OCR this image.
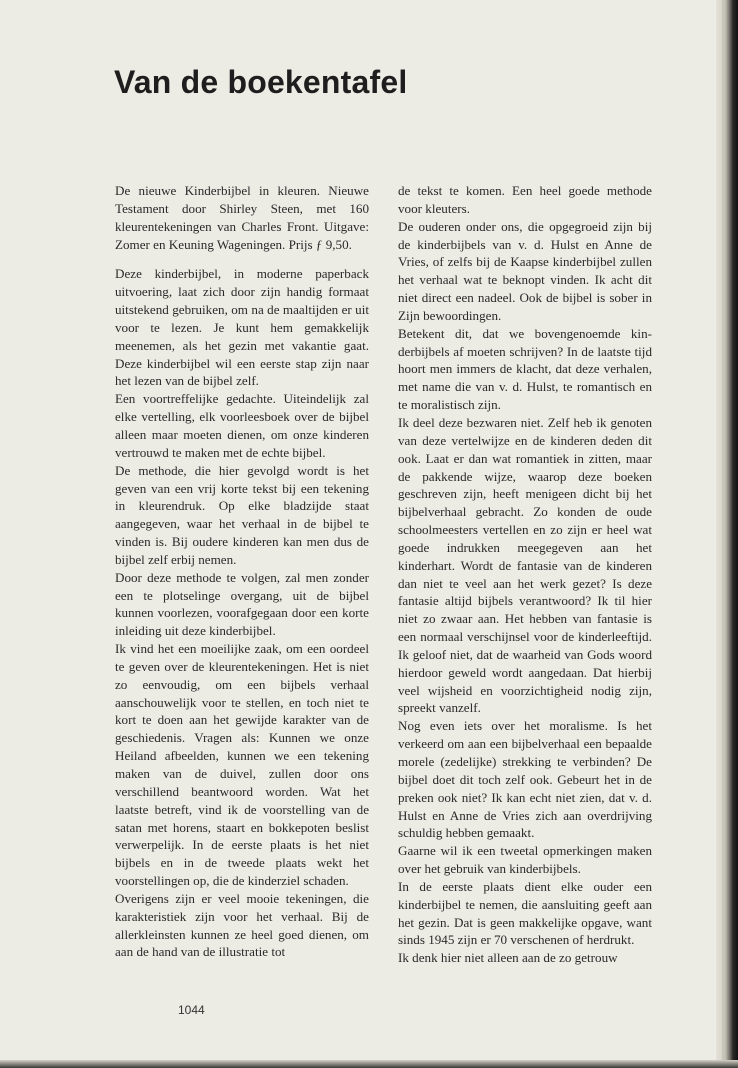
Van de boekentafel

De nieuwe Kinderbijbel in kleuren. Nieuwe Testament door Shirley Steen, met 160 kleurentekeningen van Charles Front. Uitgave: Zomer en Keuning Wageningen. Prijs ƒ 9,50.

Deze kinderbijbel, in moderne paperback uitvoering, laat zich door zijn handig formaat uitstekend gebruiken, om na de maaltijden er uit voor te lezen. Je kunt hem gemakkelijk meenemen, als het gezin met vakantie gaat. Deze kinderbijbel wil een eerste stap zijn naar het lezen van de bijbel zelf.

Een voortreffelijke gedachte. Uiteindelijk zal elke vertelling, elk voorleesboek over de bijbel alleen maar moeten dienen, om onze kinderen vertrouwd te maken met de echte bijbel.

De methode, die hier gevolgd wordt is het geven van een vrij korte tekst bij een tekening in kleurendruk. Op elke bladzijde staat aangegeven, waar het verhaal in de bijbel te vinden is. Bij oudere kinderen kan men dus de bijbel zelf erbij nemen.

Door deze methode te volgen, zal men zonder een te plotselinge overgang, uit de bijbel kunnen voorlezen, voorafgegaan door een korte inleiding uit deze kinderbijbel.

Ik vind het een moeilijke zaak, om een oordeel te geven over de kleurentekeningen. Het is niet zo eenvoudig, om een bijbels verhaal aanschouwelijk voor te stellen, en toch niet te kort te doen aan het gewijde karakter van de geschiedenis. Vragen als: Kunnen we onze Heiland afbeelden, kunnen we een tekening maken van de duivel, zullen door ons verschillend beantwoord worden. Wat het laatste betreft, vind ik de voorstelling van de satan met horens, staart en bokkepoten beslist verwerpelijk. In de eerste plaats is het niet bijbels en in de tweede plaats wekt het voorstellingen op, die de kinderziel schaden.

Overigens zijn er veel mooie tekeningen, die karakteristiek zijn voor het verhaal. Bij de allerkleinsten kunnen ze heel goed dienen, om aan de hand van de illustratie tot

de tekst te komen. Een heel goede methode voor kleuters.

De ouderen onder ons, die opgegroeid zijn bij de kinderbijbels van v. d. Hulst en Anne de Vries, of zelfs bij de Kaapse kinderbijbel zullen het verhaal wat te beknopt vinden. Ik acht dit niet direct een nadeel. Ook de bijbel is sober in Zijn bewoordingen.

Betekent dit, dat we bovengenoemde kinderbijbels af moeten schrijven? In de laatste tijd hoort men immers de klacht, dat deze verhalen, met name die van v. d. Hulst, te romantisch en te moralistisch zijn.

Ik deel deze bezwaren niet. Zelf heb ik genoten van deze vertelwijze en de kinderen deden dit ook. Laat er dan wat romantiek in zitten, maar de pakkende wijze, waarop deze boeken geschreven zijn, heeft menigeen dicht bij het bijbelverhaal gebracht. Zo konden de oude schoolmeesters vertellen en zo zijn er heel wat goede indrukken meegegeven aan het kinderhart. Wordt de fantasie van de kinderen dan niet te veel aan het werk gezet? Is deze fantasie altijd bijbels verantwoord? Ik til hier niet zo zwaar aan. Het hebben van fantasie is een normaal verschijnsel voor de kinderleeftijd. Ik geloof niet, dat de waarheid van Gods woord hierdoor geweld wordt aangedaan. Dat hierbij veel wijsheid en voorzichtigheid nodig zijn, spreekt vanzelf.

Nog even iets over het moralisme. Is het verkeerd om aan een bijbelverhaal een bepaalde morele (zedelijke) strekking te verbinden? De bijbel doet dit toch zelf ook. Gebeurt het in de preken ook niet? Ik kan echt niet zien, dat v. d. Hulst en Anne de Vries zich aan overdrijving schuldig hebben gemaakt.

Gaarne wil ik een tweetal opmerkingen maken over het gebruik van kinderbijbels.

In de eerste plaats dient elke ouder een kinderbijbel te nemen, die aansluiting geeft aan het gezin. Dat is geen makkelijke opgave, want sinds 1945 zijn er 70 verschenen of herdrukt.

Ik denk hier niet alleen aan de zo getrouw

1044
